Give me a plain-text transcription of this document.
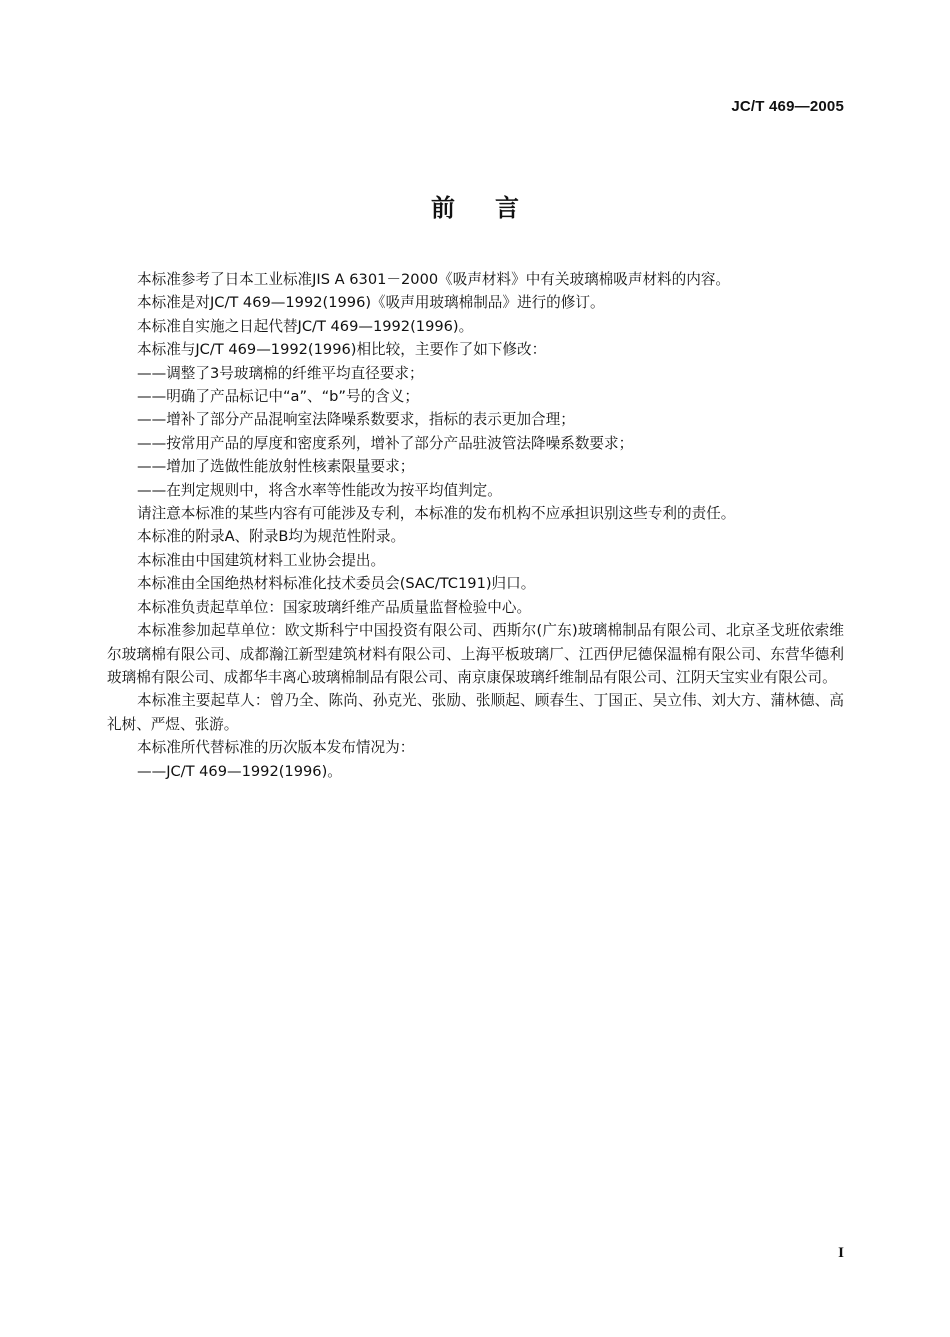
JC/T 469—2005
前言

本标准参考了日本工业标准JIS A 6301－2000《吸声材料》中有关玻璃棉吸声材料的内容。

本标准是对JC/T 469—1992(1996)《吸声用玻璃棉制品》进行的修订。

本标准自实施之日起代替JC/T 469—1992(1996)。

本标准与JC/T 469—1992(1996)相比较，主要作了如下修改：

——调整了3号玻璃棉的纤维平均直径要求；

——明确了产品标记中“a”、“b”号的含义；

——增补了部分产品混响室法降噪系数要求，指标的表示更加合理；

——按常用产品的厚度和密度系列，增补了部分产品驻波管法降噪系数要求；

——增加了选做性能放射性核素限量要求；

——在判定规则中，将含水率等性能改为按平均值判定。

请注意本标准的某些内容有可能涉及专利，本标准的发布机构不应承担识别这些专利的责任。

本标准的附录A、附录B均为规范性附录。

本标准由中国建筑材料工业协会提出。

本标准由全国绝热材料标准化技术委员会(SAC/TC191)归口。

本标准负责起草单位：国家玻璃纤维产品质量监督检验中心。

本标准参加起草单位：欧文斯科宁中国投资有限公司、西斯尔(广东)玻璃棉制品有限公司、北京圣戈班依索维尔玻璃棉有限公司、成都瀚江新型建筑材料有限公司、上海平板玻璃厂、江西伊尼德保温棉有限公司、东营华德利玻璃棉有限公司、成都华丰离心玻璃棉制品有限公司、南京康保玻璃纤维制品有限公司、江阴天宝实业有限公司。

本标准主要起草人：曾乃全、陈尚、孙克光、张励、张顺起、顾春生、丁国正、吴立伟、刘大方、蒲林德、高礼树、严煜、张游。

本标准所代替标准的历次版本发布情况为：

——JC/T 469—1992(1996)。

I
